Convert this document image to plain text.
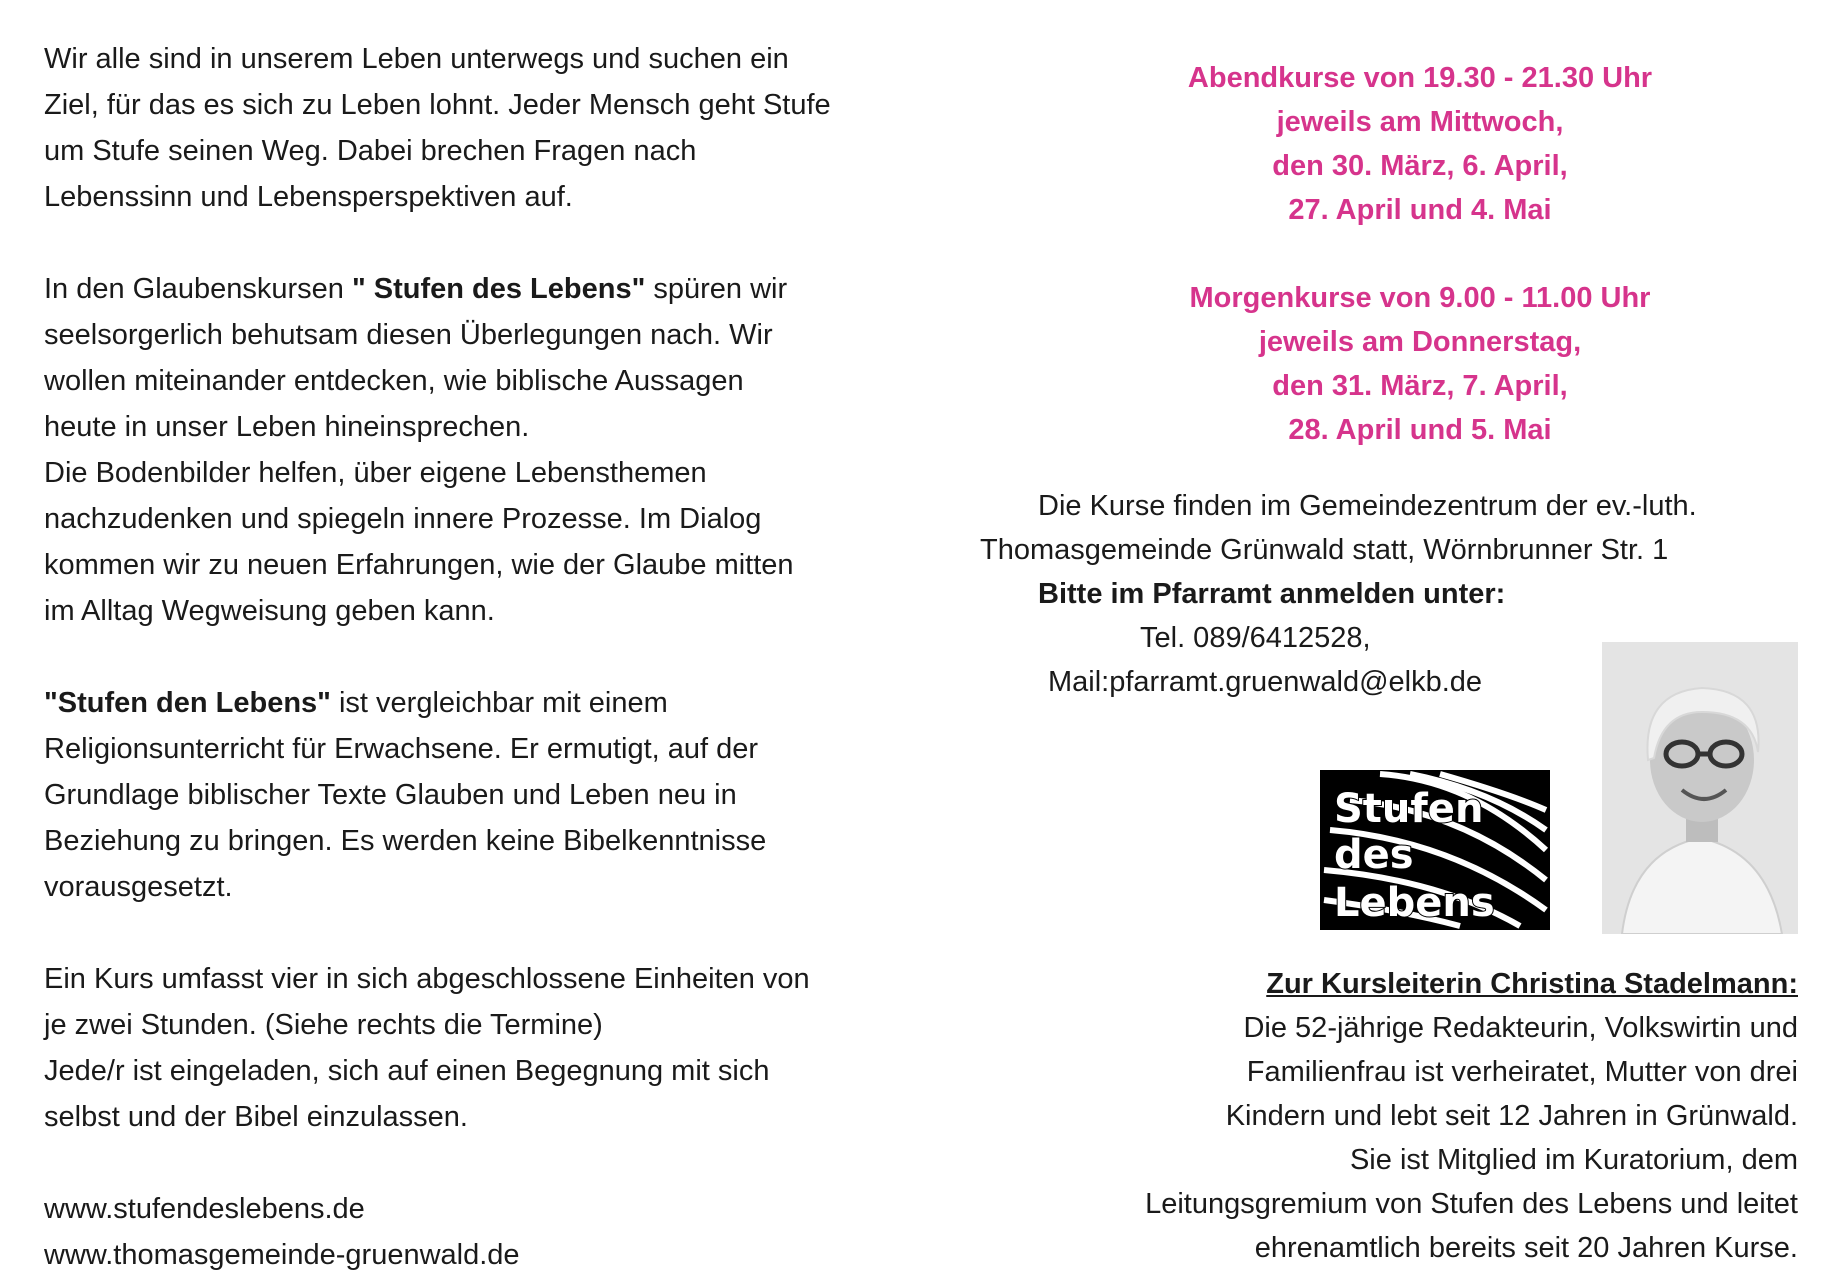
Wir alle sind in unserem Leben unterwegs und suchen ein
Ziel, für das es sich zu Leben lohnt. Jeder Mensch geht Stufe
um Stufe seinen Weg. Dabei brechen Fragen nach
Lebenssinn und Lebensperspektiven auf.

In den Glaubenskursen " Stufen des Lebens" spüren wir
seelsorgerlich behutsam diesen Überlegungen nach. Wir
wollen miteinander entdecken, wie biblische Aussagen
heute in unser Leben hineinsprechen.
Die Bodenbilder helfen, über eigene Lebensthemen
nachzudenken und spiegeln innere Prozesse. Im Dialog
kommen wir zu neuen Erfahrungen, wie der Glaube mitten
im Alltag Wegweisung geben kann.

"Stufen den Lebens" ist vergleichbar mit einem
Religionsunterricht für Erwachsene. Er ermutigt, auf der
Grundlage biblischer Texte Glauben und Leben neu in
Beziehung zu bringen. Es werden keine Bibelkenntnisse
vorausgesetzt.

Ein Kurs umfasst vier in sich abgeschlossene Einheiten von
je zwei Stunden. (Siehe rechts die Termine)
Jede/r ist eingeladen, sich auf einen Begegnung mit sich
selbst und der Bibel einzulassen.

www.stufendeslebens.de
www.thomasgemeinde-gruenwald.de

Abendkurse von 19.30 - 21.30 Uhr
jeweils am Mittwoch,
den 30. März, 6. April,
27. April und 4. Mai
Morgenkurse von 9.00 - 11.00 Uhr
jeweils am Donnerstag,
den 31. März, 7. April,
28. April und 5. Mai
Die Kurse finden im Gemeindezentrum der ev.-luth.
Thomasgemeinde Grünwald statt, Wörnbrunner Str. 1
Bitte im Pfarramt anmelden unter:
Tel. 089/6412528,
Mail:pfarramt.gruenwald@elkb.de
Stufen
des
Lebens
Zur Kursleiterin Christina Stadelmann:
Die 52-jährige Redakteurin, Volkswirtin und
Familienfrau ist verheiratet, Mutter von drei
Kindern und lebt seit 12 Jahren in Grünwald.
Sie ist Mitglied im Kuratorium, dem
Leitungsgremium von Stufen des Lebens und leitet
ehrenamtlich bereits seit 20 Jahren Kurse.
